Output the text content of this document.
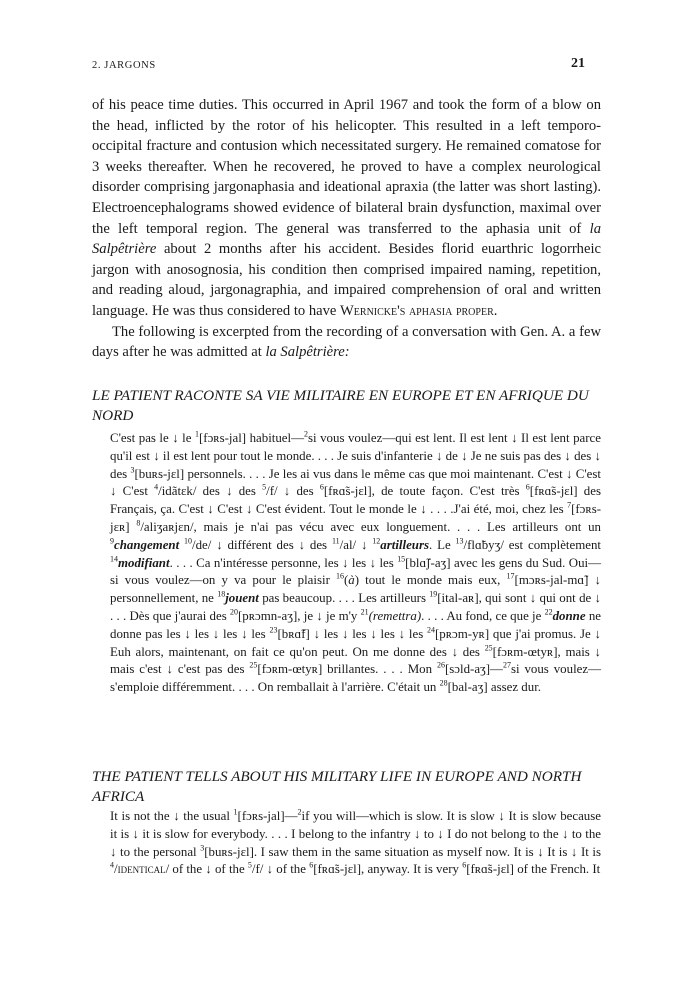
2. JARGONS	21

of his peace time duties. This occurred in April 1967 and took the form of a blow on the head, inflicted by the rotor of his helicopter. This resulted in a left temporo-occipital fracture and contusion which necessitated surgery. He remained comatose for 3 weeks thereafter. When he recovered, he proved to have a complex neurological disorder comprising jargonaphasia and ideational apraxia (the latter was short lasting). Electroencephalograms showed evidence of bilateral brain dysfunction, maximal over the left temporal region. The general was transferred to the aphasia unit of la Salpêtrière about 2 months after his accident. Besides florid euarthric logorrheic jargon with anosognosia, his condition then comprised impaired naming, repetition, and reading aloud, jargonagraphia, and impaired comprehension of oral and written language. He was thus considered to have Wernicke's aphasia proper.

The following is excerpted from the recording of a conversation with Gen. A. a few days after he was admitted at la Salpêtrière:

LE PATIENT RACONTE SA VIE MILITAIRE EN EUROPE ET EN AFRIQUE DU NORD

C'est pas le ↓ le $^1$[fɔʀs-jal] habituel—$^2$si vous voulez—qui est lent. Il est lent ↓ Il est lent parce qu'il est ↓ il est lent pour tout le monde. . . . Je suis d'infanterie ↓ de ↓ Je ne suis pas des ↓ des ↓ des $^3$[buʀs-jɛl] personnels. . . . Je les ai vus dans le même cas que moi maintenant. C'est ↓ C'est ↓ C'est $^4$/idãtɛk/ des ↓ des $^5$/f/ ↓ des $^6$[fʀɑ̃s-jɛl], de toute façon. C'est très $^6$[fʀɑ̃s-jɛl] des Français, ça. C'est ↓ C'est ↓ C'est évident. Tout le monde le ↓ . . . .J'ai été, moi, chez les $^7$[fɔʀs-jɛʀ] $^8$/aliʒaʀjɛn/, mais je n'ai pas vécu avec eux longuement. . . . Les artilleurs ont un $^9$changement $^{10}$/de/ ↓ différent des ↓ des $^{11}$/al/ ↓ $^{12}$artilleurs. Le $^{13}$/flɑ̃byʒ/ est complètement $^{14}$modifiant. . . . Ca n'intéresse personne, les ↓ les ↓ les $^{15}$[blɑ̃ʃ-aʒ] avec les gens du Sud. Oui—si vous voulez—on y va pour le plaisir $^{16}$(à) tout le monde mais eux, $^{17}$[mɔʀs-jal-mɑ̃] ↓ personnellement, ne $^{18}$jouent pas beaucoup. . . . Les artilleurs $^{19}$[ital-aʀ], qui sont ↓ qui ont de ↓ . . . Dès que j'aurai des $^{20}$[pʀɔmn-aʒ], je ↓ je m'y $^{21}$(remettra). . . . Au fond, ce que je $^{22}$donne ne donne pas les ↓ les ↓ les ↓ les $^{23}$[bʀɑ̃f] ↓ les ↓ les ↓ les ↓ les $^{24}$[pʀɔm-yʀ] que j'ai promus. Je ↓ Euh alors, maintenant, on fait ce qu'on peut. On me donne des ↓ des $^{25}$[fɔʀm-œtyʀ], mais ↓ mais c'est ↓ c'est pas des $^{25}$[fɔʀm-œtyʀ] brillantes. . . . Mon $^{26}$[sɔld-aʒ]—$^{27}$si vous voulez—s'emploie différemment. . . . On remballait à l'arrière. C'était un $^{28}$[bal-aʒ] assez dur.

THE PATIENT TELLS ABOUT HIS MILITARY LIFE IN EUROPE AND NORTH AFRICA

It is not the ↓ the usual $^1$[fɔʀs-jal]—$^2$if you will—which is slow. It is slow ↓ It is slow because it is ↓ it is slow for everybody. . . . I belong to the infantry ↓ to ↓ I do not belong to the ↓ to the ↓ to the personal $^3$[buʀs-jɛl]. I saw them in the same situation as myself now. It is ↓ It is ↓ It is $^4$/identical/ of the ↓ of the $^5$/f/ ↓ of the $^6$[fʀɑ̃s-jɛl], anyway. It is very $^6$[fʀɑ̃s-jɛl] of the French. It
